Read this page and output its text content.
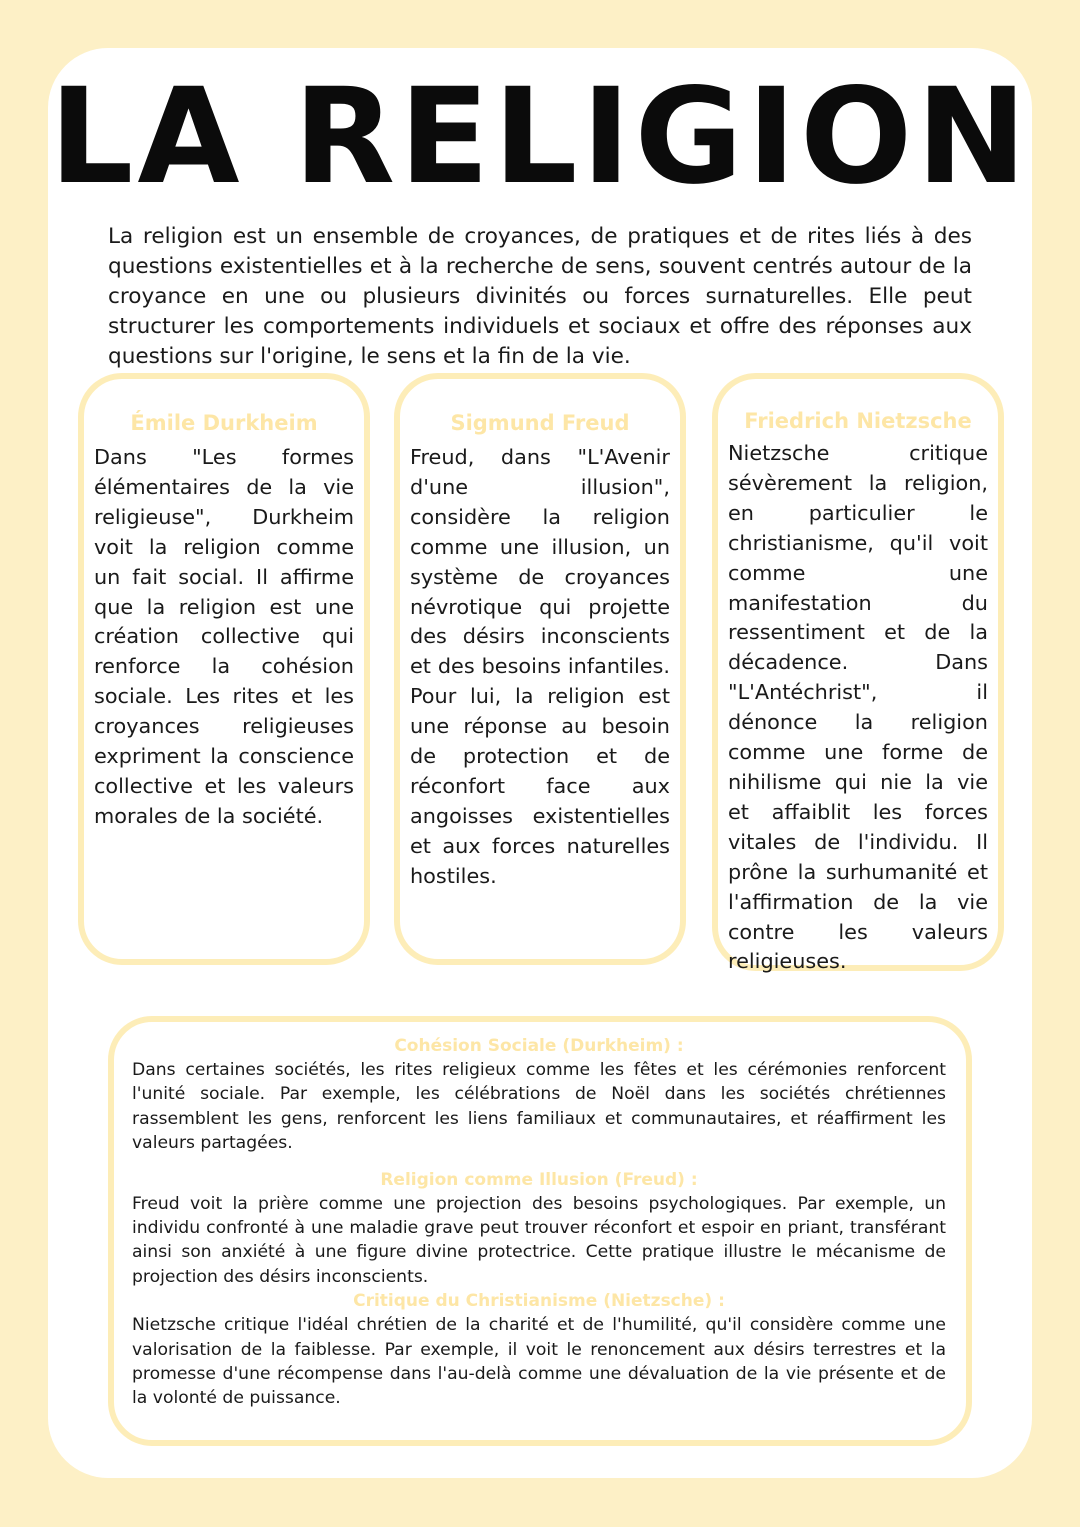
LA RELIGION

La religion est un ensemble de croyances, de pratiques et de rites liés à des questions existentielles et à la recherche de sens, souvent centrés autour de la croyance en une ou plusieurs divinités ou forces surnaturelles. Elle peut structurer les comportements individuels et sociaux et offre des réponses aux questions sur l'origine, le sens et la fin de la vie.

Émile Durkheim

Dans "Les formes élémentaires de la vie religieuse", Durkheim voit la religion comme un fait social. Il affirme que la religion est une création collective qui renforce la cohésion sociale. Les rites et les croyances religieuses expriment la conscience collective et les valeurs morales de la société.

Sigmund Freud

Freud, dans "L'Avenir d'une illusion", considère la religion comme une illusion, un système de croyances névrotique qui projette des désirs inconscients et des besoins infantiles. Pour lui, la religion est une réponse au besoin de protection et de réconfort face aux angoisses existentielles et aux forces naturelles hostiles.

Friedrich Nietzsche

Nietzsche critique sévèrement la religion, en particulier le christianisme, qu'il voit comme une manifestation du ressentiment et de la décadence. Dans "L'Antéchrist", il dénonce la religion comme une forme de nihilisme qui nie la vie et affaiblit les forces vitales de l'individu. Il prône la surhumanité et l'affirmation de la vie contre les valeurs religieuses.

Cohésion Sociale (Durkheim) :

Dans certaines sociétés, les rites religieux comme les fêtes et les cérémonies renforcent l'unité sociale. Par exemple, les célébrations de Noël dans les sociétés chrétiennes rassemblent les gens, renforcent les liens familiaux et communautaires, et réaffirment les valeurs partagées.

Religion comme Illusion (Freud) :

Freud voit la prière comme une projection des besoins psychologiques. Par exemple, un individu confronté à une maladie grave peut trouver réconfort et espoir en priant, transférant ainsi son anxiété à une figure divine protectrice. Cette pratique illustre le mécanisme de projection des désirs inconscients.

Critique du Christianisme (Nietzsche) :

Nietzsche critique l'idéal chrétien de la charité et de l'humilité, qu'il considère comme une valorisation de la faiblesse. Par exemple, il voit le renoncement aux désirs terrestres et la promesse d'une récompense dans l'au-delà comme une dévaluation de la vie présente et de la volonté de puissance.
